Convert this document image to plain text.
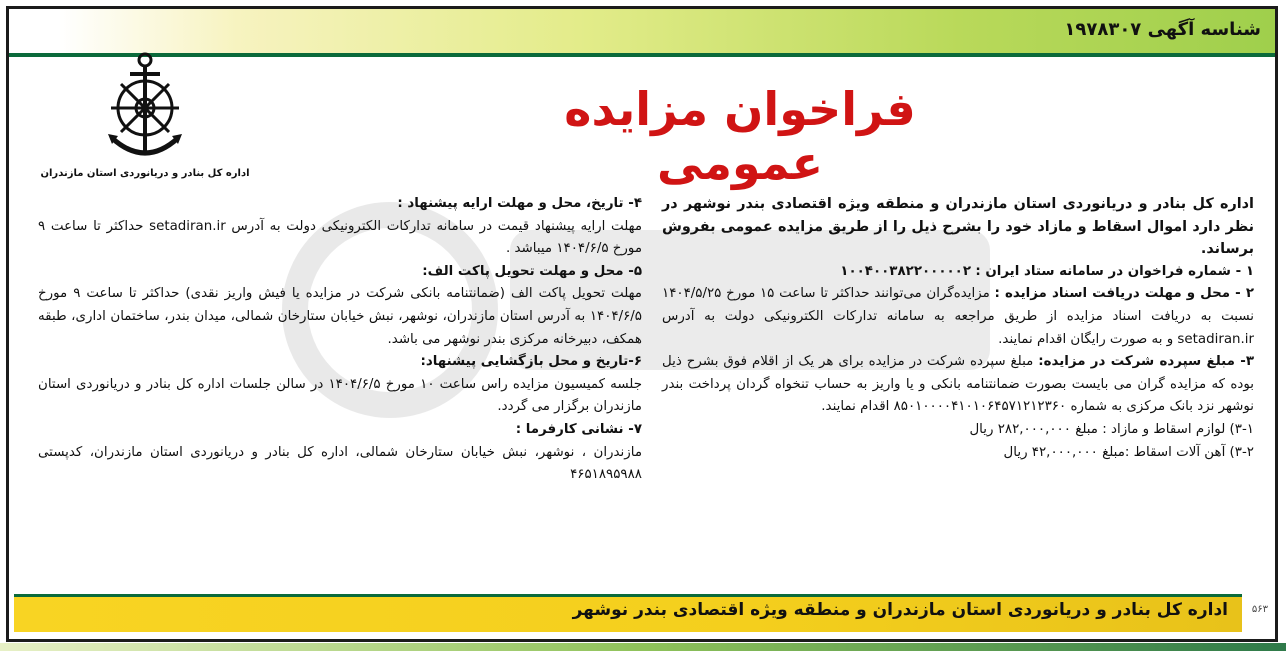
شناسه آگهی ۱۹۷۸۳۰۷
فراخوان مزایده عمومی
اداره کل بنادر و دریانوردی استان مازندران

اداره کل بنادر و دریانوردی استان مازندران و منطقه ویژه اقتصادی بندر نوشهر در نظر دارد اموال اسقاط و مازاد خود را بشرح ذیل را از طریق مزایده عمومی بفروش برساند.

۱ - شماره فراخوان در سامانه ستاد ایران : ۱۰۰۴۰۰۳۸۲۲۰۰۰۰۰۲

۲ - محل و مهلت دریافت اسناد مزایده : مزایده‌گران می‌توانند حداکثر تا ساعت ۱۵ مورخ ۱۴۰۴/۵/۲۵ نسبت به دریافت اسناد مزایده از طریق مراجعه به سامانه تدارکات الکترونیکی دولت به آدرس setadiran.ir و به صورت رایگان اقدام نمایند.

۳- مبلغ سپرده شرکت در مزایده: مبلغ سپرده شرکت در مزایده برای هر یک از اقلام فوق بشرح ذیل بوده که مزایده گران می بایست بصورت ضمانتنامه بانکی و یا واریز به حساب تنخواه گردان پرداخت بندر نوشهر نزد بانک مرکزی به شماره ۸۵۰۱۰۰۰۰۴۱۰۱۰۶۴۵۷۱۲۱۲۳۶۰ اقدام نمایند.

۳-۱) لوازم اسقاط و مازاد : مبلغ ۲۸۲,۰۰۰,۰۰۰ ریال

۳-۲) آهن آلات اسقاط :مبلغ ۴۲,۰۰۰,۰۰۰ ریال

۴- تاریخ، محل و مهلت ارایه پیشنهاد :

مهلت ارایه پیشنهاد قیمت در سامانه تدارکات الکترونیکی دولت به آدرس setadiran.ir حداکثر تا ساعت ۹ مورخ ۱۴۰۴/۶/۵ میباشد .

۵- محل و مهلت تحویل پاکت الف:

مهلت تحویل پاکت الف (ضمانتنامه بانکی شرکت در مزایده یا فیش واریز نقدی) حداکثر تا ساعت ۹ مورخ ۱۴۰۴/۶/۵ به آدرس استان مازندران، نوشهر، نبش خیابان ستارخان شمالی، میدان بندر، ساختمان اداری، طبقه همکف، دبیرخانه مرکزی بندر نوشهر می باشد.

۶-تاریخ و محل بازگشایی پیشنهاد:

جلسه کمیسیون مزایده راس ساعت ۱۰ مورخ ۱۴۰۴/۶/۵ در سالن جلسات اداره کل بنادر و دریانوردی استان مازندران برگزار می گردد.

۷- نشانی کارفرما :

مازندران ، نوشهر، نبش خیابان ستارخان شمالی، اداره کل بنادر و دریانوردی استان مازندران، کدپستی ۴۶۵۱۸۹۵۹۸۸

اداره کل بنادر و دریانوردی استان مازندران و منطقه ویژه اقتصادی بندر نوشهر ۵۶۳
